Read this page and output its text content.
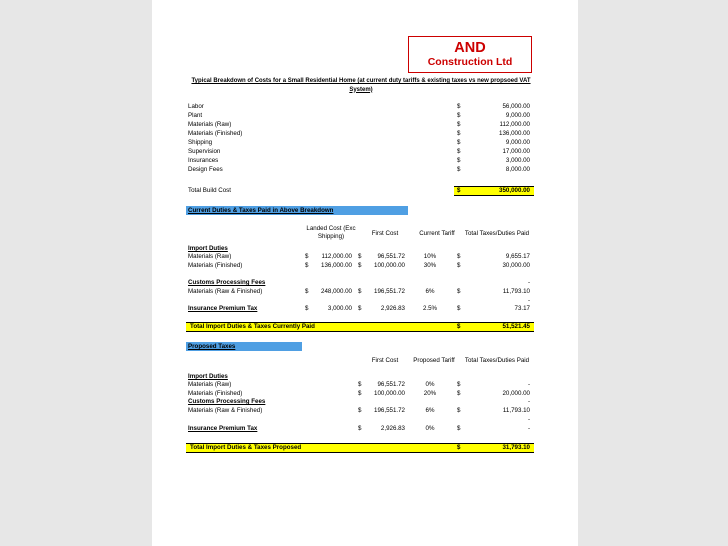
AND
Construction Ltd
Typical Breakdown of Costs for a Small Residential Home (at current duty tariffs & existing taxes vs new propsoed VAT System)
Labor	$	56,000.00
Plant	$	9,000.00
Materials (Raw)	$	112,000.00
Materials (Finished)	$	136,000.00
Shipping	$	9,000.00
Supervision	$	17,000.00
Insurances	$	3,000.00
Design Fees	$	8,000.00
Total Build Cost	$	350,000.00
Current Duties & Taxes Paid in Above Breakdown
Landed Cost (Exc Shipping)	First Cost	Current Tariff	Total Taxes/Duties Paid
Import Duties
Materials (Raw)	$	112,000.00 $	96,551.72	10%	$	9,655.17
Materials (Finished)	$	136,000.00 $	100,000.00	30%	$	30,000.00
Customs Processing Fees	-
Materials (Raw & Finished)	$	248,000.00 $	196,551.72	6%	$	11,793.10
-
Insurance Premium Tax	$	3,000.00 $	2,926.83	2.5%	$	73.17
Total Import Duties & Taxes Currently Paid	$	51,521.45
Proposed Taxes
First Cost	Proposed Tariff	Total Taxes/Duties Paid
Import Duties
Materials (Raw)	$	96,551.72	0%	$	-
Materials (Finished)	$	100,000.00	20%	$	20,000.00
Customs Processing Fees	-
Materials (Raw & Finished)	$	196,551.72	6%	$	11,793.10
-
Insurance Premium Tax	$	2,926.83	0%	$	-
Total Import Duties & Taxes Proposed	$	31,793.10
